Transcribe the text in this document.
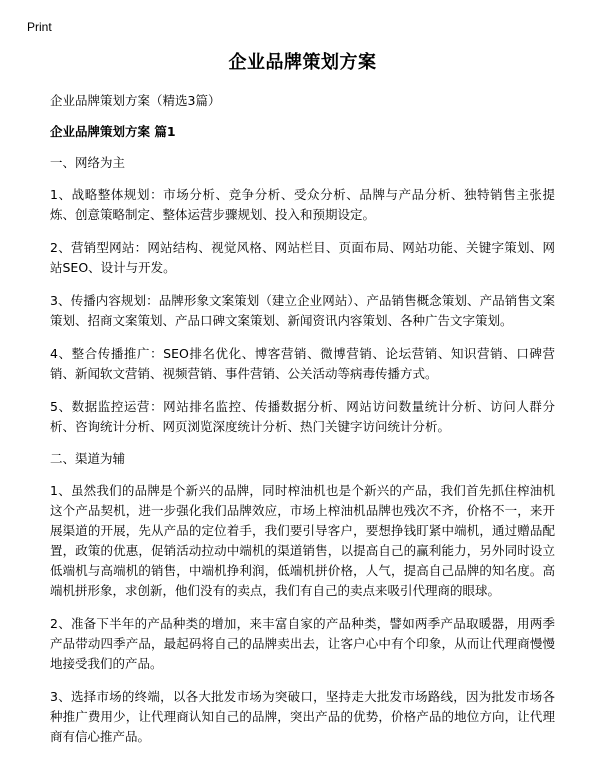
Print
企业品牌策划方案
企业品牌策划方案（精选3篇）
企业品牌策划方案 篇1
一、网络为主
1、战略整体规划：市场分析、竞争分析、受众分析、品牌与产品分析、独特销售主张提炼、创意策略制定、整体运营步骤规划、投入和预期设定。
2、营销型网站：网站结构、视觉风格、网站栏目、页面布局、网站功能、关键字策划、网站SEO、设计与开发。
3、传播内容规划：品牌形象文案策划（建立企业网站）、产品销售概念策划、产品销售文案策划、招商文案策划、产品口碑文案策划、新闻资讯内容策划、各种广告文字策划。
4、整合传播推广：SEO排名优化、博客营销、微博营销、论坛营销、知识营销、口碑营销、新闻软文营销、视频营销、事件营销、公关活动等病毒传播方式。
5、数据监控运营：网站排名监控、传播数据分析、网站访问数量统计分析、访问人群分析、咨询统计分析、网页浏览深度统计分析、热门关键字访问统计分析。
二、渠道为辅
1、虽然我们的品牌是个新兴的品牌，同时榨油机也是个新兴的产品，我们首先抓住榨油机这个产品契机，进一步强化我们品牌效应，市场上榨油机品牌也残次不齐，价格不一，来开展渠道的开展，先从产品的定位着手，我们要引导客户，要想挣钱盯紧中端机，通过赠品配置，政策的优惠，促销活动拉动中端机的渠道销售，以提高自己的赢利能力，另外同时设立低端机与高端机的销售，中端机挣利润，低端机拼价格，人气，提高自己品牌的知名度。高端机拼形象，求创新，他们没有的卖点，我们有自己的卖点来吸引代理商的眼球。
2、准备下半年的产品种类的增加，来丰富自家的产品种类，譬如两季产品取暖器，用两季产品带动四季产品，最起码将自己的品牌卖出去，让客户心中有个印象，从而让代理商慢慢地接受我们的产品。
3、选择市场的终端，以各大批发市场为突破口，坚持走大批发市场路线，因为批发市场各种推广费用少，让代理商认知自己的品牌，突出产品的优势，价格产品的地位方向，让代理商有信心推产品。
